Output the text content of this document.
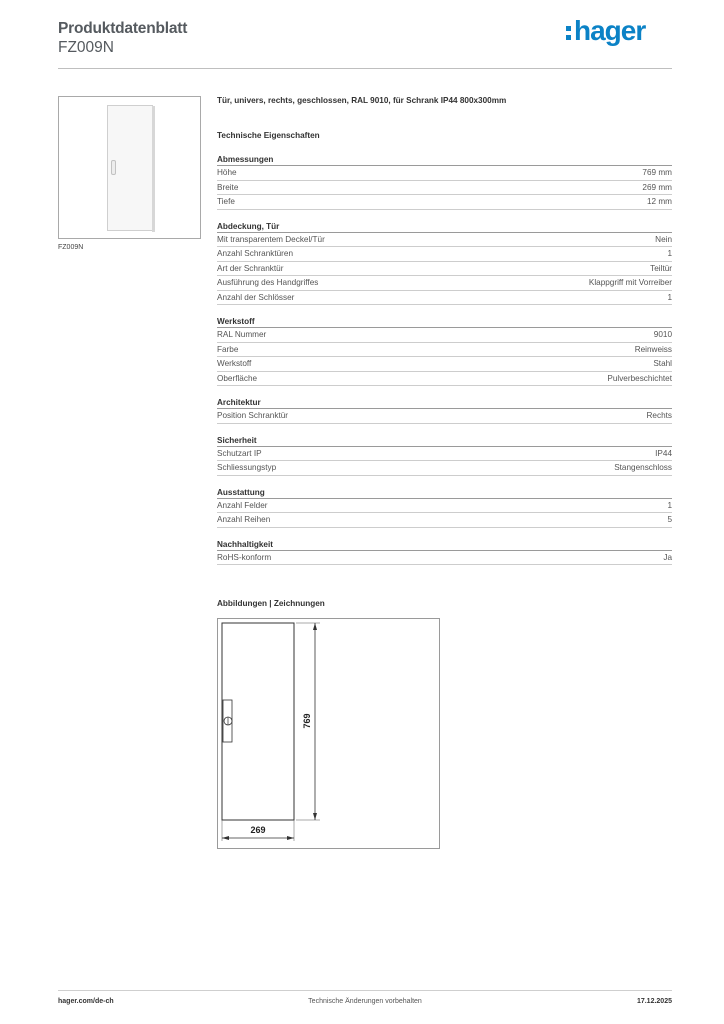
Produktdatenblatt
FZ009N
hager
FZ009N
Tür, univers, rechts, geschlossen, RAL 9010, für Schrank IP44 800x300mm
Technische Eigenschaften
Abmessungen
Höhe	769 mm
Breite	269 mm
Tiefe	12 mm
Abdeckung, Tür
Mit transparentem Deckel/Tür	Nein
Anzahl Schranktüren	1
Art der Schranktür	Teiltür
Ausführung des Handgriffes	Klappgriff mit Vorreiber
Anzahl der Schlösser	1
Werkstoff
RAL Nummer	9010
Farbe	Reinweiss
Werkstoff	Stahl
Oberfläche	Pulverbeschichtet
Architektur
Position Schranktür	Rechts
Sicherheit
Schutzart IP	IP44
Schliessungstyp	Stangenschloss
Ausstattung
Anzahl Felder	1
Anzahl Reihen	5
Nachhaltigkeit
RoHS-konform	Ja
Abbildungen | Zeichnungen
769
269
hager.com/de-ch	Technische Änderungen vorbehalten	17.12.2025
